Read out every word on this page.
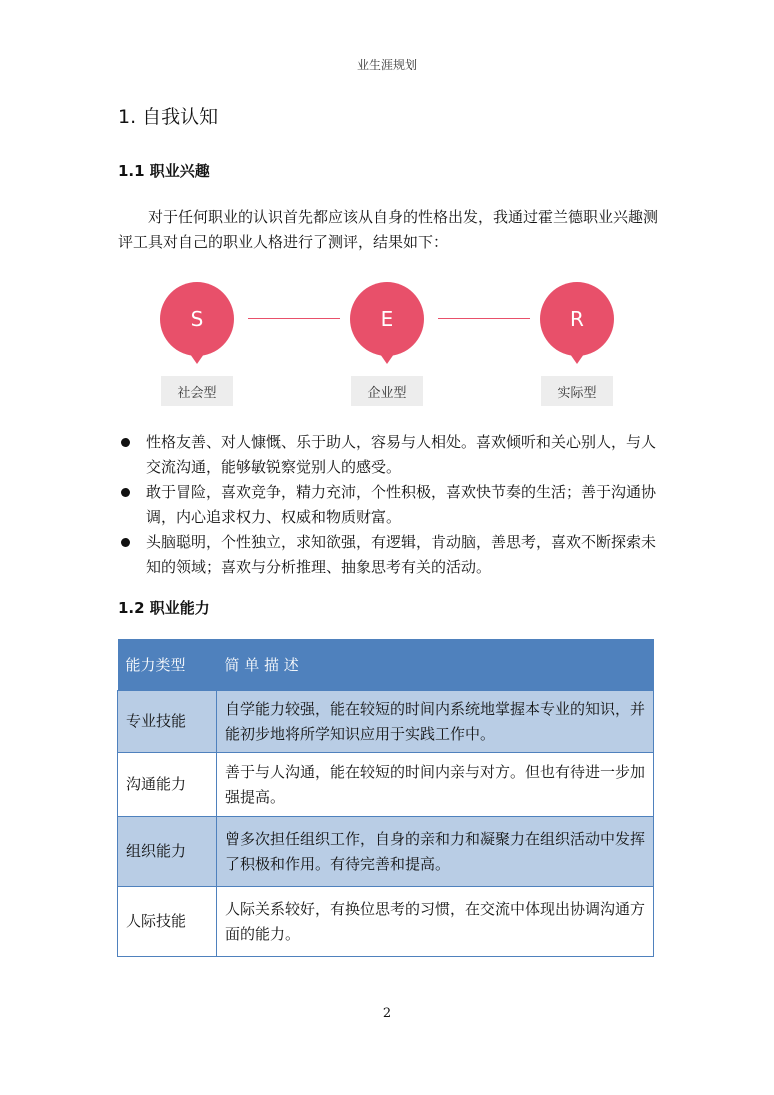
业生涯规划
1. 自我认知
1.1 职业兴趣
对于任何职业的认识首先都应该从自身的性格出发，我通过霍兰德职业兴趣测评工具对自己的职业人格进行了测评，结果如下：
S	E	R
社会型	企业型	实际型
性格友善、对人慷慨、乐于助人，容易与人相处。喜欢倾听和关心别人，与人交流沟通，能够敏锐察觉别人的感受。
敢于冒险，喜欢竞争，精力充沛，个性积极，喜欢快节奏的生活；善于沟通协调，内心追求权力、权威和物质财富。
头脑聪明，个性独立，求知欲强，有逻辑，肯动脑，善思考，喜欢不断探索未知的领域；喜欢与分析推理、抽象思考有关的活动。
1.2 职业能力
能力类型	简 单 描 述
专业技能	自学能力较强，能在较短的时间内系统地掌握本专业的知识，并能初步地将所学知识应用于实践工作中。
沟通能力	善于与人沟通，能在较短的时间内亲与对方。但也有待进一步加强提高。
组织能力	曾多次担任组织工作，自身的亲和力和凝聚力在组织活动中发挥了积极和作用。有待完善和提高。
人际技能	人际关系较好，有换位思考的习惯，在交流中体现出协调沟通方面的能力。
2
